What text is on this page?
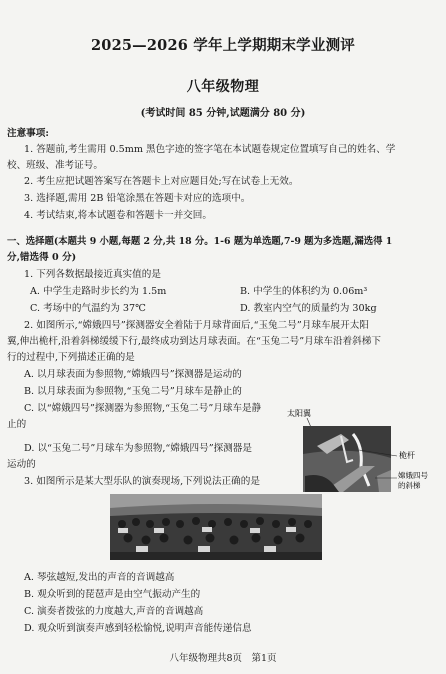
2025—2026 学年上学期期末学业测评
八年级物理
(考试时间 85 分钟,试题满分 80 分)
注意事项:
1. 答题前,考生需用 0.5mm 黑色字迹的签字笔在本试题卷规定位置填写自己的姓名、学
校、班级、准考证号。
2. 考生应把试题答案写在答题卡上对应题目处;写在试卷上无效。
3. 选择题,需用 2B 铅笔涂黑在答题卡对应的选项中。
4. 考试结束,将本试题卷和答题卡一并交回。
一、选择题(本题共 9 小题,每题 2 分,共 18 分。1-6 题为单选题,7-9 题为多选题,漏选得 1
分,错选得 0 分)
1. 下列各数据最接近真实值的是
A. 中学生走路时步长约为 1.5m	B. 中学生的体积约为 0.06m³
C. 考场中的气温约为 37℃	D. 教室内空气的质量约为 30kg
2. 如图所示,“嫦娥四号”探测器安全着陆于月球背面后,“玉兔二号”月球车展开太阳
翼,伸出桅杆,沿着斜梯缓缓下行,最终成功到达月球表面。在“玉兔二号”月球车沿着斜梯下
行的过程中,下列描述正确的是
A. 以月球表面为参照物,“嫦娥四号”探测器是运动的
B. 以月球表面为参照物,“玉兔二号”月球车是静止的
C. 以“嫦娥四号”探测器为参照物,“玉兔二号”月球车是静
止的
D. 以“玉兔二号”月球车为参照物,“嫦娥四号”探测器是
运动的
太阳翼
桅杆
嫦娥四号
的斜梯
3. 如图所示是某大型乐队的演奏现场,下列说法正确的是
A. 琴弦越短,发出的声音的音调越高
B. 观众听到的琵琶声是由空气振动产生的
C. 演奏者拨弦的力度越大,声音的音调越高
D. 观众听到演奏声感到轻松愉悦,说明声音能传递信息
八年级物理共8页　第1页
